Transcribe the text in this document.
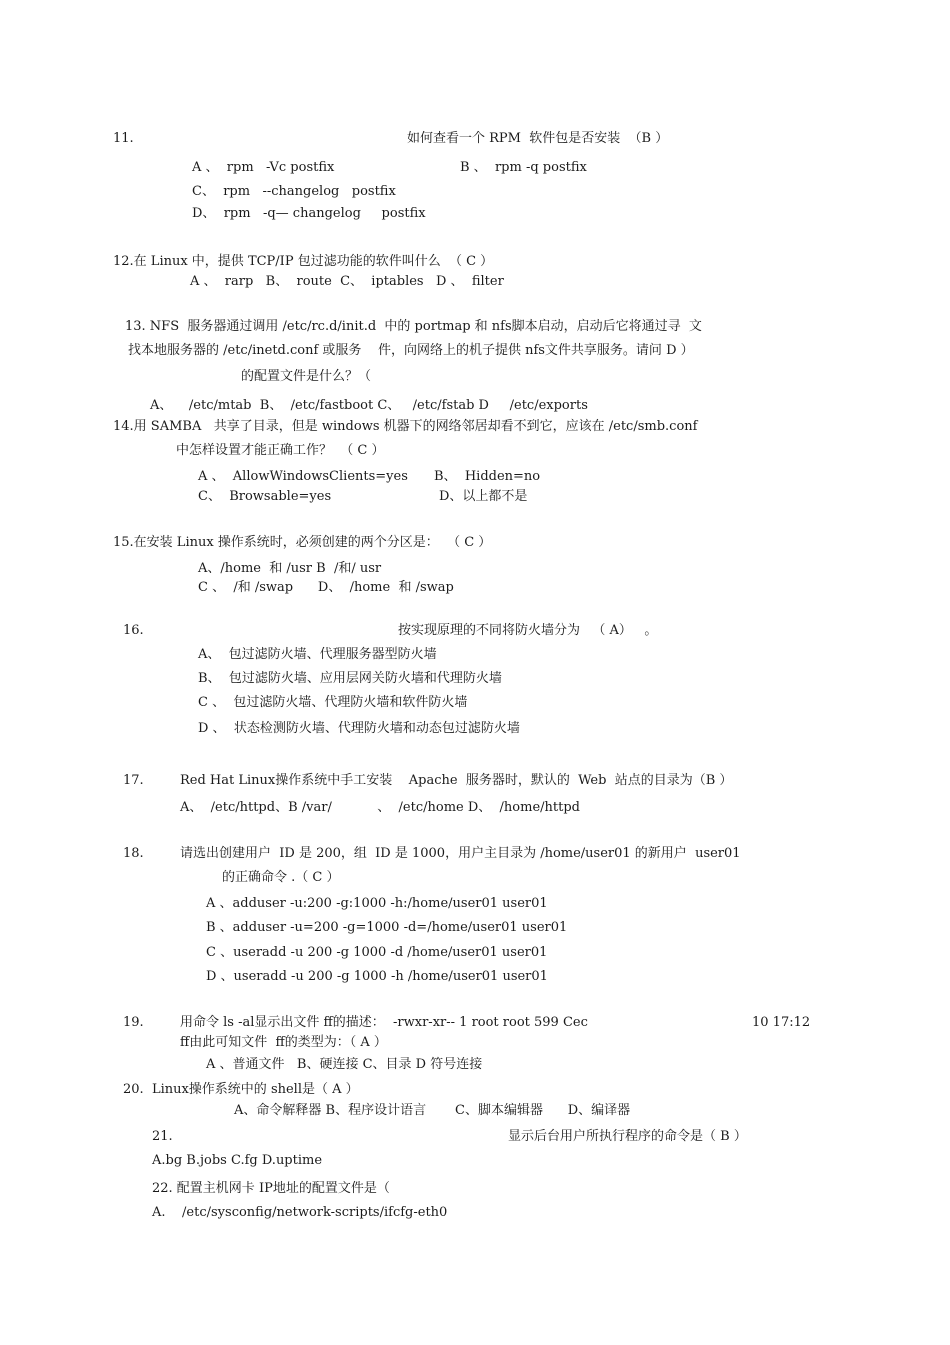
11.	如何查看一个 RPM  软件包是否安装  （B ）
A 、  rpm   -Vc postfix	B 、  rpm -q postfix
C、  rpm   --changelog   postfix
D、  rpm   -q— changelog     postfix
12.在 Linux 中，提供 TCP/IP 包过滤功能的软件叫什么  （ C ）
A 、  rarp   B、  route  C、  iptables   D 、  filter
13. NFS  服务器通过调用 /etc/rc.d/init.d  中的 portmap 和 nfs脚本启动，启动后它将通过寻  文
找本地服务器的 /etc/inetd.conf 或服务    件，向网络上的机子提供 nfs文件共享服务。请问 D ）
的配置文件是什么？（
A、    /etc/mtab  B、  /etc/fastboot C、   /etc/fstab D     /etc/exports
14.用 SAMBA   共享了目录，但是 windows 机器下的网络邻居却看不到它，应该在 /etc/smb.conf
中怎样设置才能正确工作？  （ C ）
A 、  AllowWindowsClients=yes B、  Hidden=no
C、  Browsable=yes	D、以上都不是
15.在安装 Linux 操作系统时，必须创建的两个分区是：  （ C ）
A、/home  和 /usr B  /和/ usr
C 、  /和 /swap      D、  /home  和 /swap
16.	按实现原理的不同将防火墙分为   （ A）   。
A、  包过滤防火墙、代理服务器型防火墙
B、  包过滤防火墙、应用层网关防火墙和代理防火墙
C 、  包过滤防火墙、代理防火墙和软件防火墙
D 、  状态检测防火墙、代理防火墙和动态包过滤防火墙
17.	Red Hat Linux操作系统中手工安装    Apache  服务器时，默认的  Web  站点的目录为（B ）
A、  /etc/httpd、B /var/           、  /etc/home D、  /home/httpd
18.	请选出创建用户  ID 是 200，组  ID 是 1000，用户主目录为 /home/user01 的新用户  user01
的正确命令 .（ C ）
A 、adduser -u:200 -g:1000 -h:/home/user01 user01
B 、adduser -u=200 -g=1000 -d=/home/user01 user01
C 、useradd -u 200 -g 1000 -d /home/user01 user01
D 、useradd -u 200 -g 1000 -h /home/user01 user01
19.	用命令 ls -al显示出文件 ff的描述：  -rwxr-xr-- 1 root root 599 Cec	10 17:12
ff由此可知文件  ff的类型为：（ A ）
A 、普通文件   B、硬连接 C、目录 D 符号连接
20.  Linux操作系统中的 shell是（ A ）
A、命令解释器 B、程序设计语言       C、脚本编辑器      D、编译器
21.	显示后台用户所执行程序的命令是（ B ）
A.bg B.jobs C.fg D.uptime
22. 配置主机网卡 IP地址的配置文件是（
A.    /etc/sysconfig/network-scripts/ifcfg-eth0
